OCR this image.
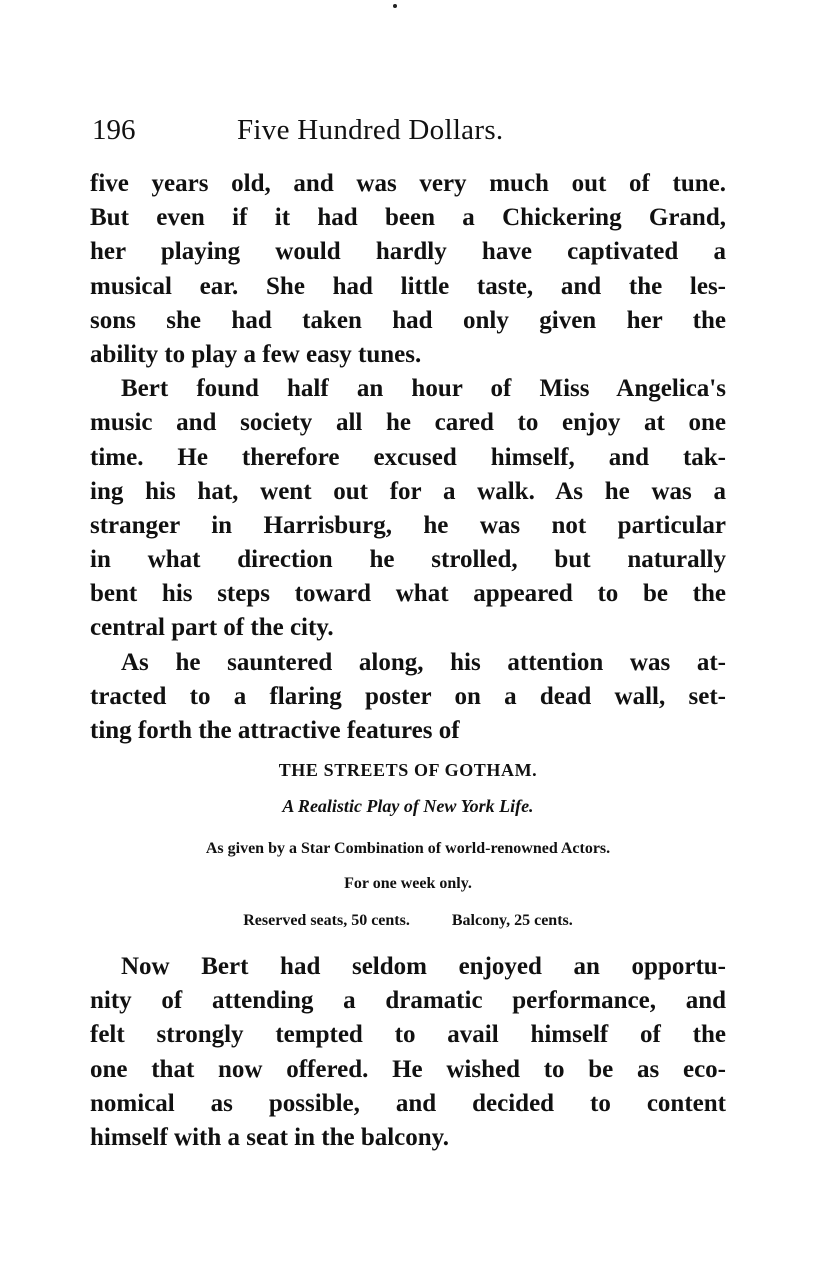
196	Five Hundred Dollars.
five years old, and was very much out of tune.
But even if it had been a Chickering Grand,
her playing would hardly have captivated a
musical ear. She had little taste, and the les-
sons she had taken had only given her the
ability to play a few easy tunes.
Bert found half an hour of Miss Angelica's
music and society all he cared to enjoy at one
time. He therefore excused himself, and tak-
ing his hat, went out for a walk. As he was a
stranger in Harrisburg, he was not particular
in what direction he strolled, but naturally
bent his steps toward what appeared to be the
central part of the city.
As he sauntered along, his attention was at-
tracted to a flaring poster on a dead wall, set-
ting forth the attractive features of
THE STREETS OF GOTHAM.
A Realistic Play of New York Life.
As given by a Star Combination of world-renowned Actors.
For one week only.
Reserved seats, 50 cents.	Balcony, 25 cents.
Now Bert had seldom enjoyed an opportu-
nity of attending a dramatic performance, and
felt strongly tempted to avail himself of the
one that now offered. He wished to be as eco-
nomical as possible, and decided to content
himself with a seat in the balcony.
